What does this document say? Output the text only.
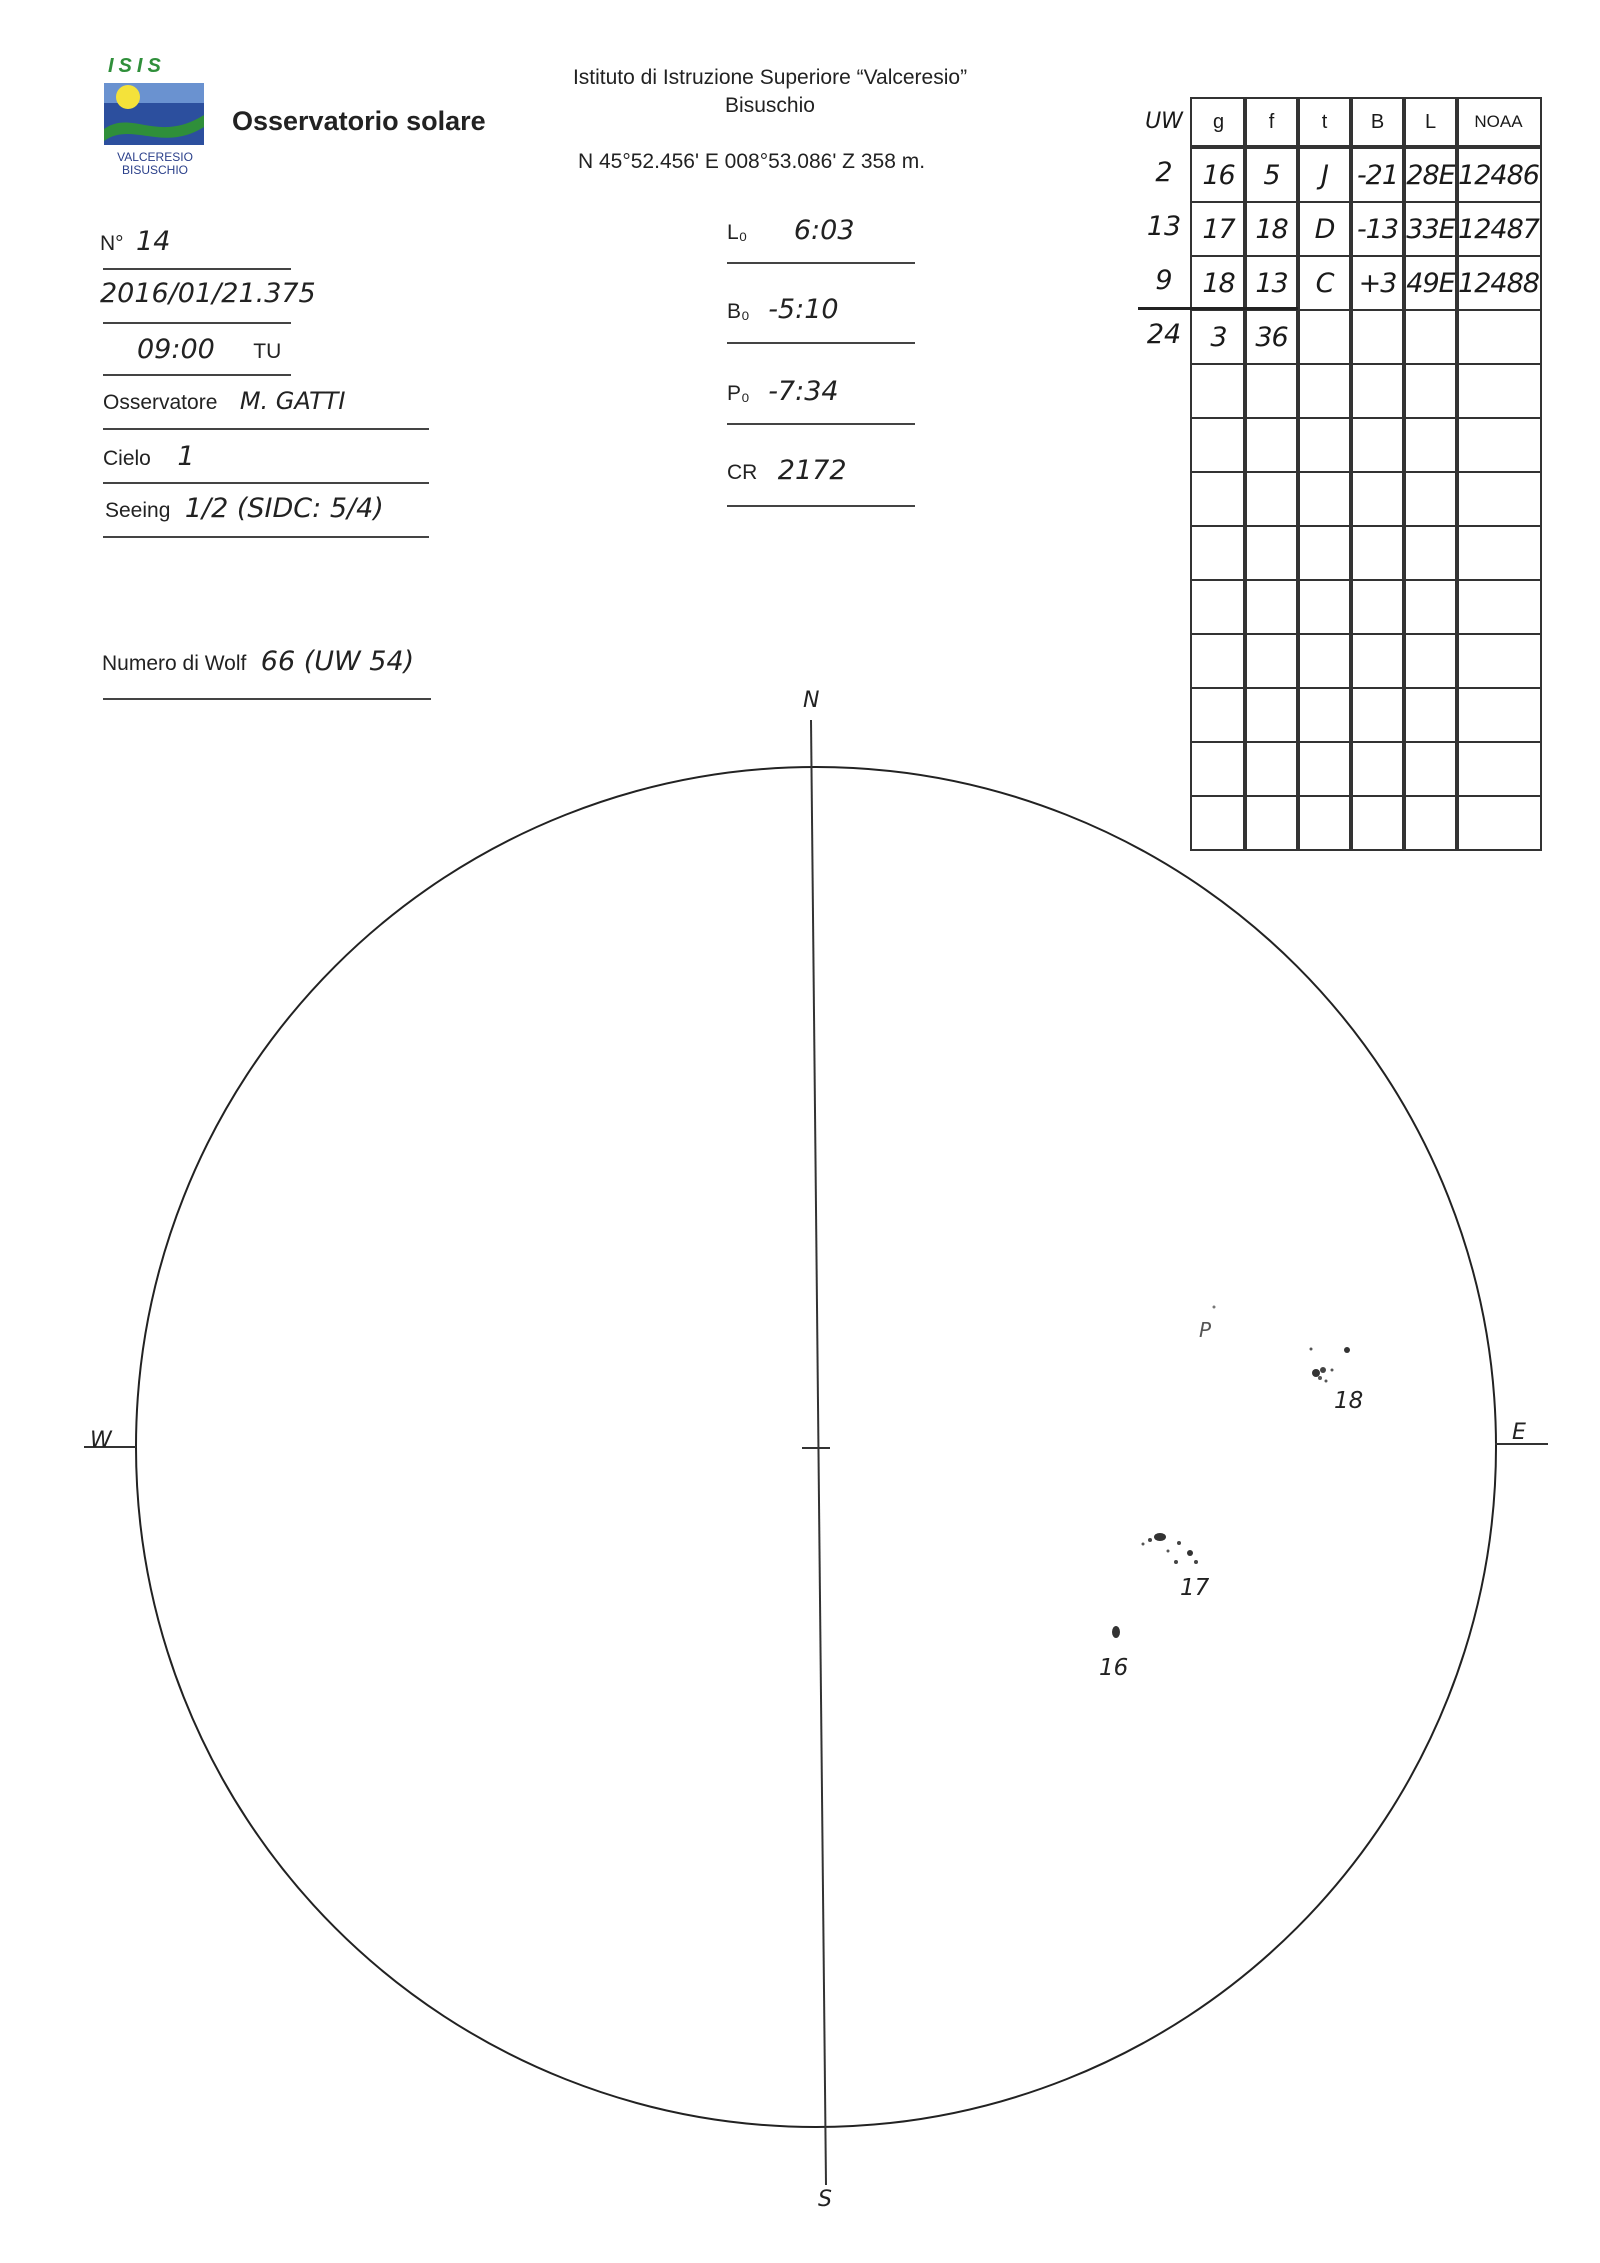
ISIS
VALCERESIO
BISUSCHIO
Osservatorio solare
Istituto di Istruzione Superiore “Valceresio”
Bisuschio
N 45°52.456' E 008°53.086' Z 358 m.
N° 14
2016/01/21.375
09:00 TU
Osservatore M. GATTI
Cielo 1
Seeing 1/2 (SIDC: 5/4)
Numero di Wolf 66 (UW 54)
L₀ 6:03
B₀ -5:10
P₀ -7:34
CR 2172
UW	g	f	t	B	L	NOAA
2	16	5	J	-21 28E 12486
13 17 18 D -13 33E 12487
9	18 13	C +3 49E 12488
24	3	36
N
S
W	E
P
18
17
16
